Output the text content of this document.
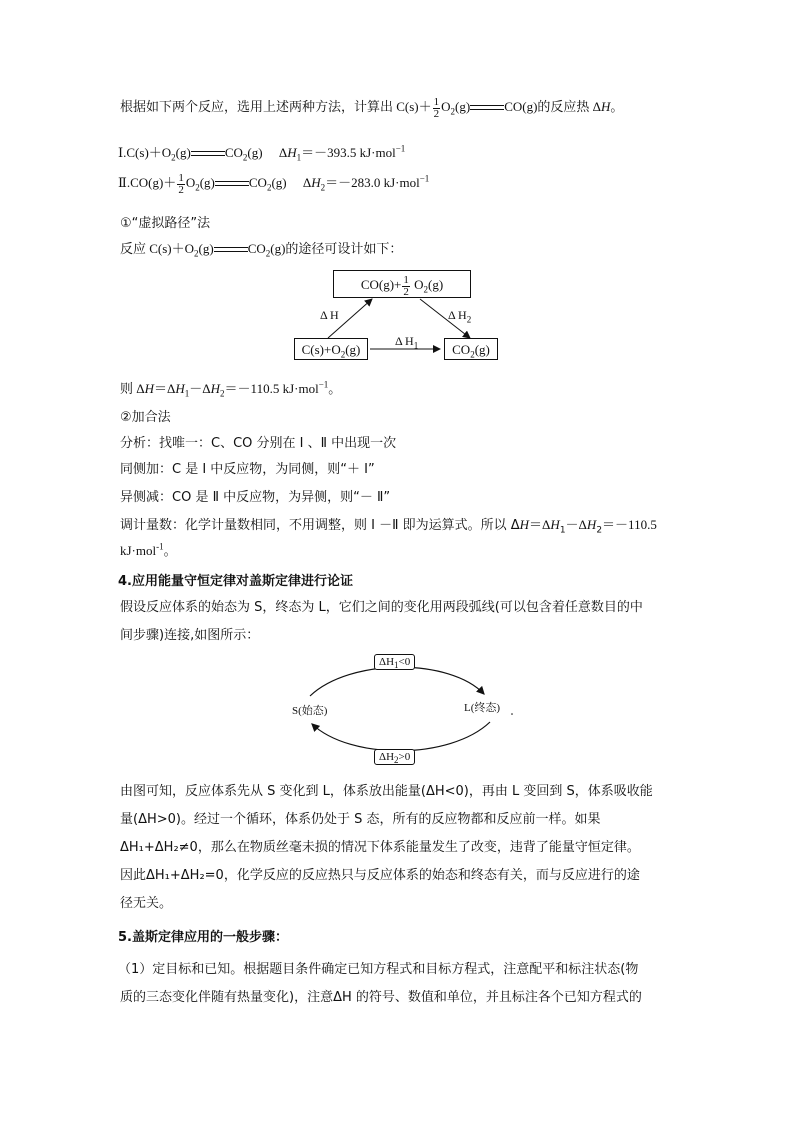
根据如下两个反应，选用上述两种方法，计算出 $C(s)+ \frac{1}{2} O_2(g)$	CO(g)的反应热 ΔH。
$Ⅰ.C(s)+O_2(g)$	$CO_2(g)$　 $\Delta H_1=-393.5$ kJ·mol$^{-1}$
Ⅱ.CO(g)＋ $\frac{1}{2} O_2(g)$	$CO_2(g)$　 $\Delta H_2=-283.0$ kJ·mol$^{-1}$
①“虚拟路径”法
反应 $C(s)+O_2(g)$	$CO_2(g)$的途径可设计如下：
$CO(g)+ \frac{1}{2} O_2(g)$
$C(s)+O_2(g)$	$CO_2(g)$
Δ H	Δ $H_2$
Δ $H_1$
则 $\Delta H=\Delta H_1-\Delta H_2=-110.5$ kJ·mol$^{-1}$。
②加合法
分析：找唯一：C、CO 分别在 Ⅰ 、Ⅱ 中出现一次
同侧加：C 是 Ⅰ 中反应物，为同侧，则“＋ Ⅰ”
异侧减：CO 是 Ⅱ 中反应物，为异侧，则“－ Ⅱ”
调计量数：化学计量数相同，不用调整，则 Ⅰ －Ⅱ 即为运算式。所以 $\Delta H=\Delta H_1-\Delta H_2=-110.5$
kJ·mol$^{-1}$。
4.应用能量守恒定律对盖斯定律进行论证
假设反应体系的始态为 S，终态为 L，它们之间的变化用两段弧线(可以包含着任意数目的中
间步骤)连接,如图所示：
$\Delta H_1<0$
$\Delta H_2>0$
S(始态)	L(终态)
由图可知，反应体系先从 S 变化到 L，体系放出能量(ΔH<0)，再由 L 变回到 S，体系吸收能
量(ΔH>0)。经过一个循环，体系仍处于 S 态，所有的反应物都和反应前一样。如果
ΔH₁+ΔH₂≠0，那么在物质丝毫未损的情况下体系能量发生了改变，违背了能量守恒定律。
因此ΔH₁+ΔH₂=0，化学反应的反应热只与反应体系的始态和终态有关，而与反应进行的途
径无关。
5.盖斯定律应用的一般步骤：
（1）定目标和已知。根据题目条件确定已知方程式和目标方程式，注意配平和标注状态(物
质的三态变化伴随有热量变化)，注意ΔH 的符号、数值和单位，并且标注各个已知方程式的
